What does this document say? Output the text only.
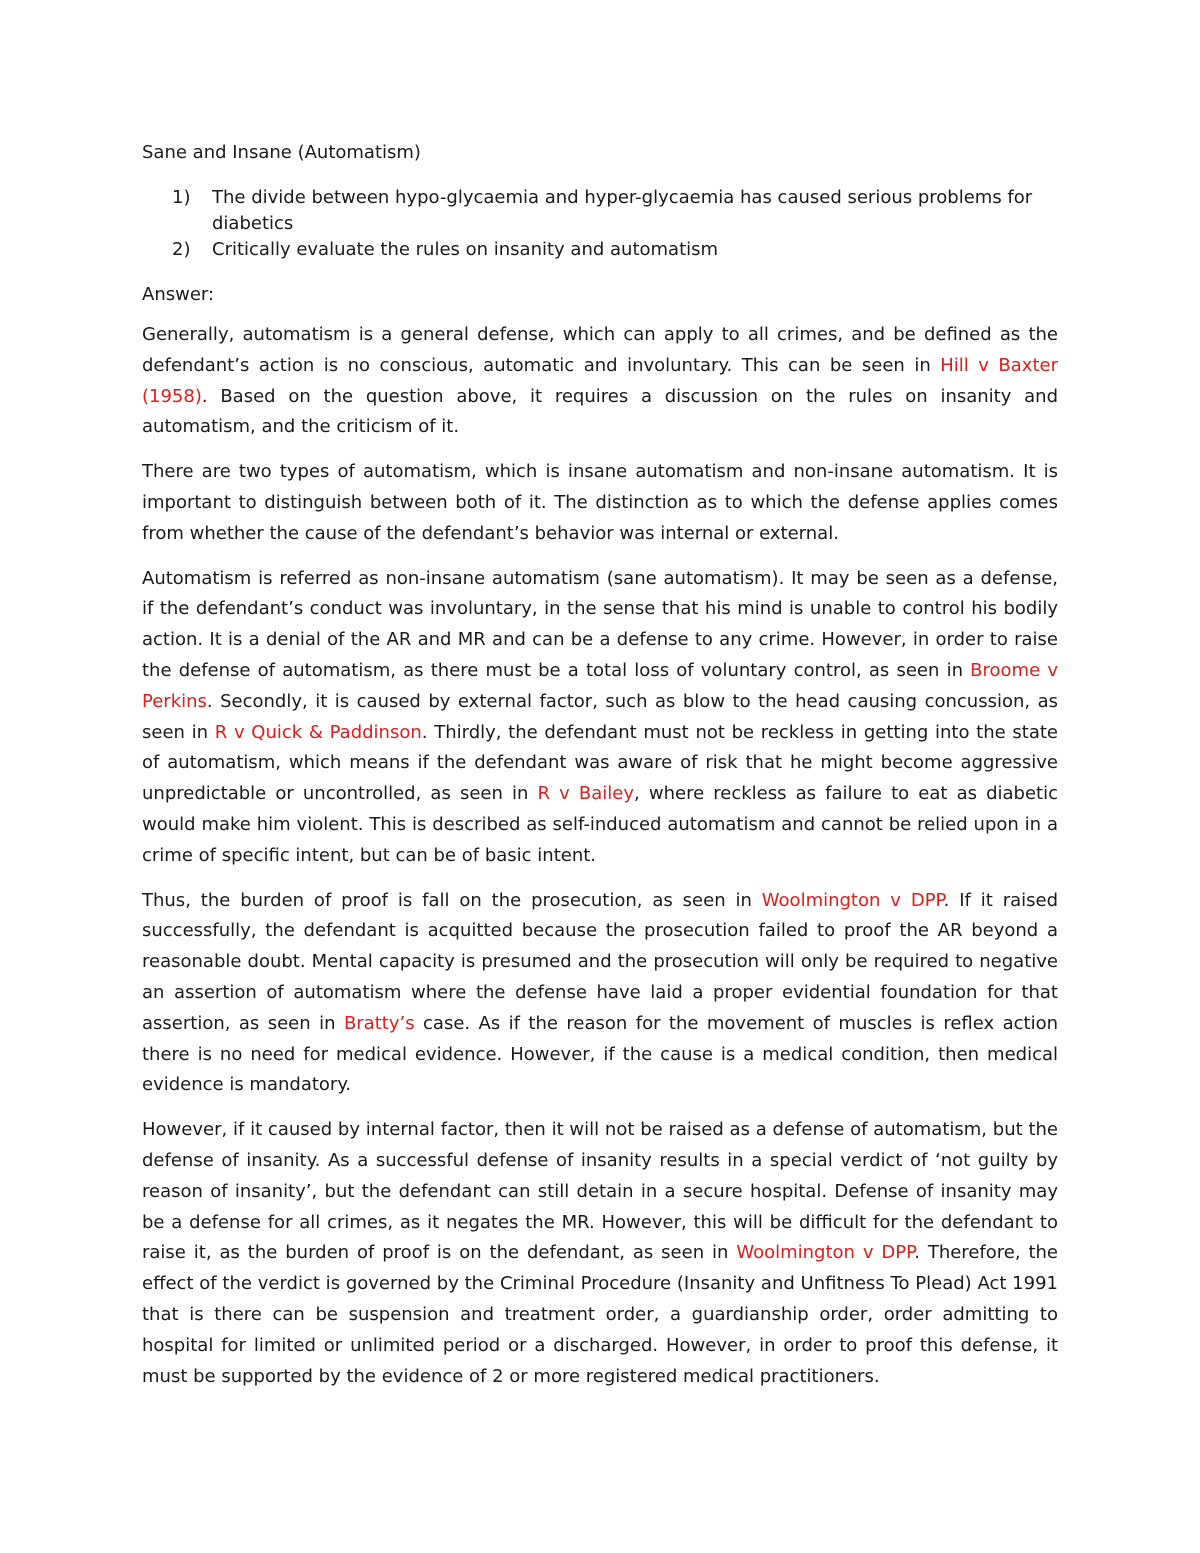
Sane and Insane (Automatism)
1) The divide between hypo-glycaemia and hyper-glycaemia has caused serious problems for diabetics
2) Critically evaluate the rules on insanity and automatism
Answer:

Generally, automatism is a general defense, which can apply to all crimes, and be defined as the defendant’s action is no conscious, automatic and involuntary. This can be seen in Hill v Baxter (1958). Based on the question above, it requires a discussion on the rules on insanity and automatism, and the criticism of it.

There are two types of automatism, which is insane automatism and non-insane automatism. It is important to distinguish between both of it. The distinction as to which the defense applies comes from whether the cause of the defendant’s behavior was internal or external.

Automatism is referred as non-insane automatism (sane automatism). It may be seen as a defense, if the defendant’s conduct was involuntary, in the sense that his mind is unable to control his bodily action. It is a denial of the AR and MR and can be a defense to any crime. However, in order to raise the defense of automatism, as there must be a total loss of voluntary control, as seen in Broome v Perkins. Secondly, it is caused by external factor, such as blow to the head causing concussion, as seen in R v Quick & Paddinson. Thirdly, the defendant must not be reckless in getting into the state of automatism, which means if the defendant was aware of risk that he might become aggressive unpredictable or uncontrolled, as seen in R v Bailey, where reckless as failure to eat as diabetic would make him violent. This is described as self-induced automatism and cannot be relied upon in a crime of specific intent, but can be of basic intent.

Thus, the burden of proof is fall on the prosecution, as seen in Woolmington v DPP. If it raised successfully, the defendant is acquitted because the prosecution failed to proof the AR beyond a reasonable doubt. Mental capacity is presumed and the prosecution will only be required to negative an assertion of automatism where the defense have laid a proper evidential foundation for that assertion, as seen in Bratty’s case. As if the reason for the movement of muscles is reflex action there is no need for medical evidence. However, if the cause is a medical condition, then medical evidence is mandatory.

However, if it caused by internal factor, then it will not be raised as a defense of automatism, but the defense of insanity. As a successful defense of insanity results in a special verdict of ‘not guilty by reason of insanity’, but the defendant can still detain in a secure hospital. Defense of insanity may be a defense for all crimes, as it negates the MR. However, this will be difficult for the defendant to raise it, as the burden of proof is on the defendant, as seen in Woolmington v DPP. Therefore, the effect of the verdict is governed by the Criminal Procedure (Insanity and Unfitness To Plead) Act 1991 that is there can be suspension and treatment order, a guardianship order, order admitting to hospital for limited or unlimited period or a discharged. However, in order to proof this defense, it must be supported by the evidence of 2 or more registered medical practitioners.
